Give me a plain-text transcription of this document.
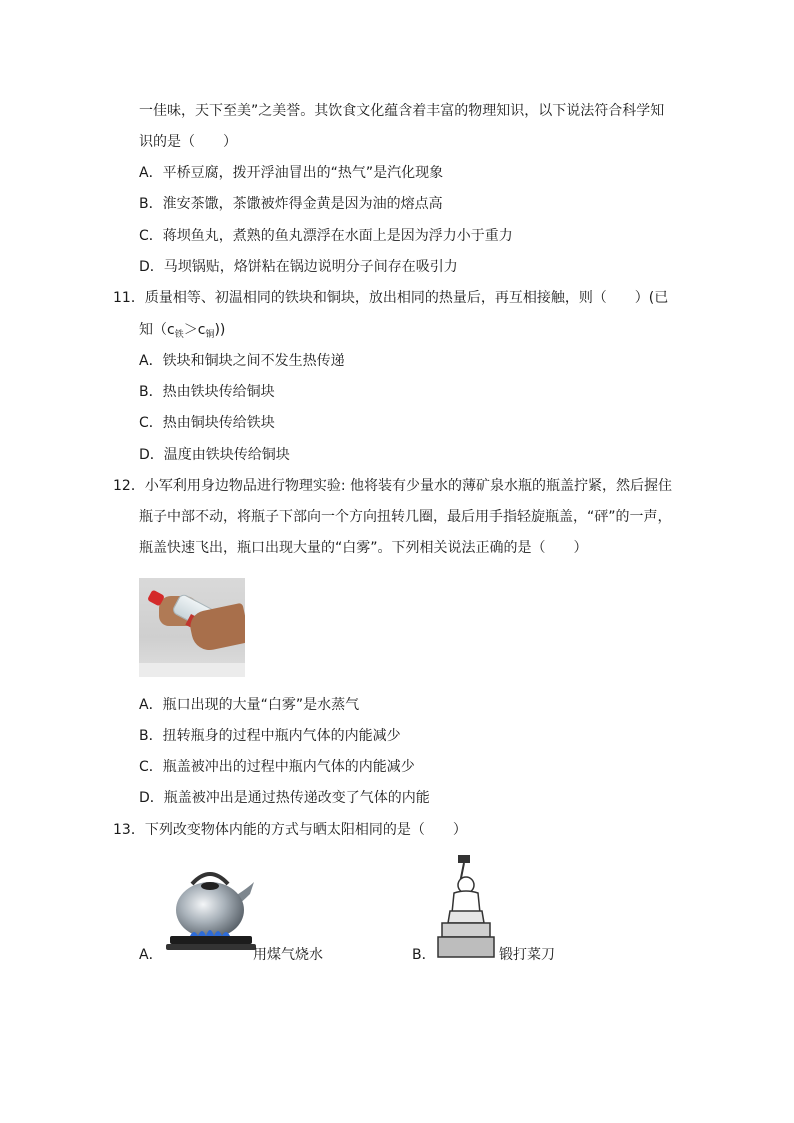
一佳味，天下至美”之美誉。其饮食文化蕴含着丰富的物理知识，以下说法符合科学知
识的是（　　）
A．平桥豆腐，拨开浮油冒出的“热气”是汽化现象
B．淮安茶馓，茶馓被炸得金黄是因为油的熔点高
C．蒋坝鱼丸，煮熟的鱼丸漂浮在水面上是因为浮力小于重力
D．马坝锅贴，烙饼粘在锅边说明分子间存在吸引力
11．质量相等、初温相同的铁块和铜块，放出相同的热量后，再互相接触，则（　　）(已
知$(c_铁>c_铜)$)
A．铁块和铜块之间不发生热传递
B．热由铁块传给铜块
C．热由铜块传给铁块
D．温度由铁块传给铜块
12．小军利用身边物品进行物理实验: 他将装有少量水的薄矿泉水瓶的瓶盖拧紧，然后握住
瓶子中部不动，将瓶子下部向一个方向扭转几圈，最后用手指轻旋瓶盖，“砰”的一声，
瓶盖快速飞出，瓶口出现大量的“白雾”。下列相关说法正确的是（　　）
A．瓶口出现的大量“白雾”是水蒸气
B．扭转瓶身的过程中瓶内气体的内能减少
C．瓶盖被冲出的过程中瓶内气体的内能减少
D．瓶盖被冲出是通过热传递改变了气体的内能
13．下列改变物体内能的方式与晒太阳相同的是（　　）
A．	用煤气烧水	B．	锻打菜刀
